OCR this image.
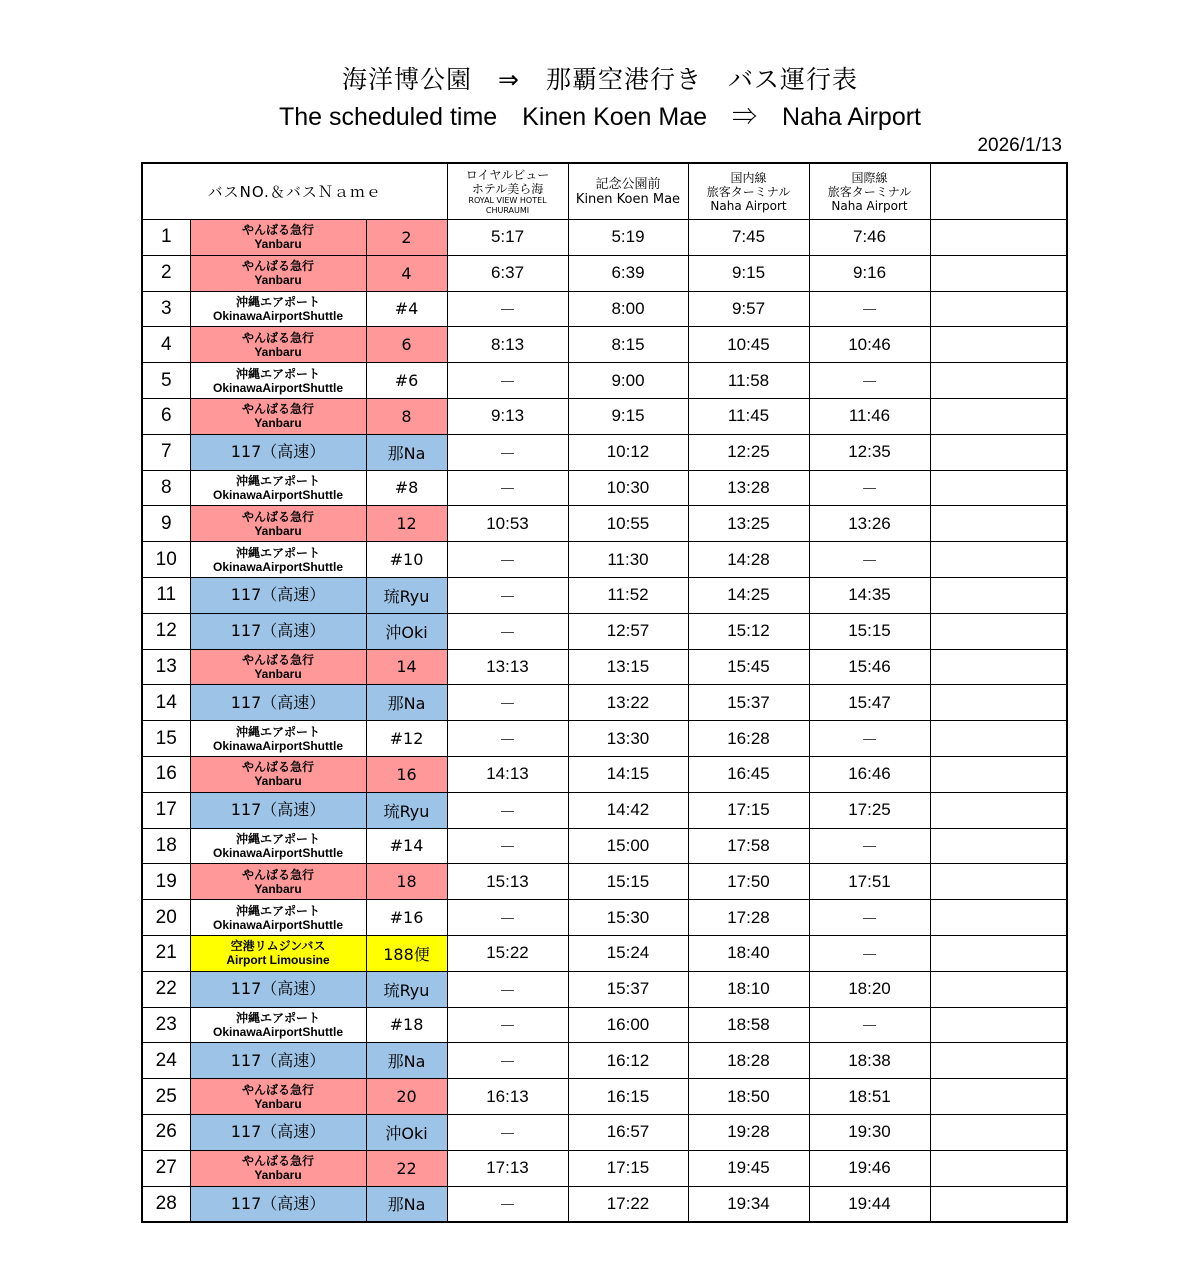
海洋博公園　⇒　那覇空港行き　バス運行表
The scheduled time　Kinen Koen Mae　⇒　Naha Airport
2026/1/13
バスNO.＆バスＮａｍｅ			ロイヤルビュー
ホテル美ら海
ROYAL VIEW HOTEL
CHURAUMI	記念公園前
Kinen Koen Mae	国内線
旅客ターミナル
Naha Airport	国際線
旅客ターミナル
Naha Airport	

1	やんばる急行
Yanbaru	2	5:17	5:19	7:45	7:46	
2	やんばる急行
Yanbaru	4	6:37	6:39	9:15	9:16	
3	沖縄エアポート
OkinawaAirportShuttle	#4	－	8:00	9:57	－	
4	やんばる急行
Yanbaru	6	8:13	8:15	10:45	10:46	
5	沖縄エアポート
OkinawaAirportShuttle	#6	－	9:00	11:58	－	
6	やんばる急行
Yanbaru	8	9:13	9:15	11:45	11:46	
7	117（高速）	那Na	－	10:12	12:25	12:35	
8	沖縄エアポート
OkinawaAirportShuttle	#8	－	10:30	13:28	－	
9	やんばる急行
Yanbaru	12	10:53	10:55	13:25	13:26	
10	沖縄エアポート
OkinawaAirportShuttle	#10	－	11:30	14:28	－	
11	117（高速）	琉Ryu	－	11:52	14:25	14:35	
12	117（高速）	沖Oki	－	12:57	15:12	15:15	
13	やんばる急行
Yanbaru	14	13:13	13:15	15:45	15:46	
14	117（高速）	那Na	－	13:22	15:37	15:47	
15	沖縄エアポート
OkinawaAirportShuttle	#12	－	13:30	16:28	－	
16	やんばる急行
Yanbaru	16	14:13	14:15	16:45	16:46	
17	117（高速）	琉Ryu	－	14:42	17:15	17:25	
18	沖縄エアポート
OkinawaAirportShuttle	#14	－	15:00	17:58	－	
19	やんばる急行
Yanbaru	18	15:13	15:15	17:50	17:51	
20	沖縄エアポート
OkinawaAirportShuttle	#16	－	15:30	17:28	－	
21	空港リムジンバス
Airport Limousine	188便	15:22	15:24	18:40	－	
22	117（高速）	琉Ryu	－	15:37	18:10	18:20	
23	沖縄エアポート
OkinawaAirportShuttle	#18	－	16:00	18:58	－	
24	117（高速）	那Na	－	16:12	18:28	18:38	
25	やんばる急行
Yanbaru	20	16:13	16:15	18:50	18:51	
26	117（高速）	沖Oki	－	16:57	19:28	19:30	
27	やんばる急行
Yanbaru	22	17:13	17:15	19:45	19:46	
28	117（高速）	那Na	－	17:22	19:34	19:44	
